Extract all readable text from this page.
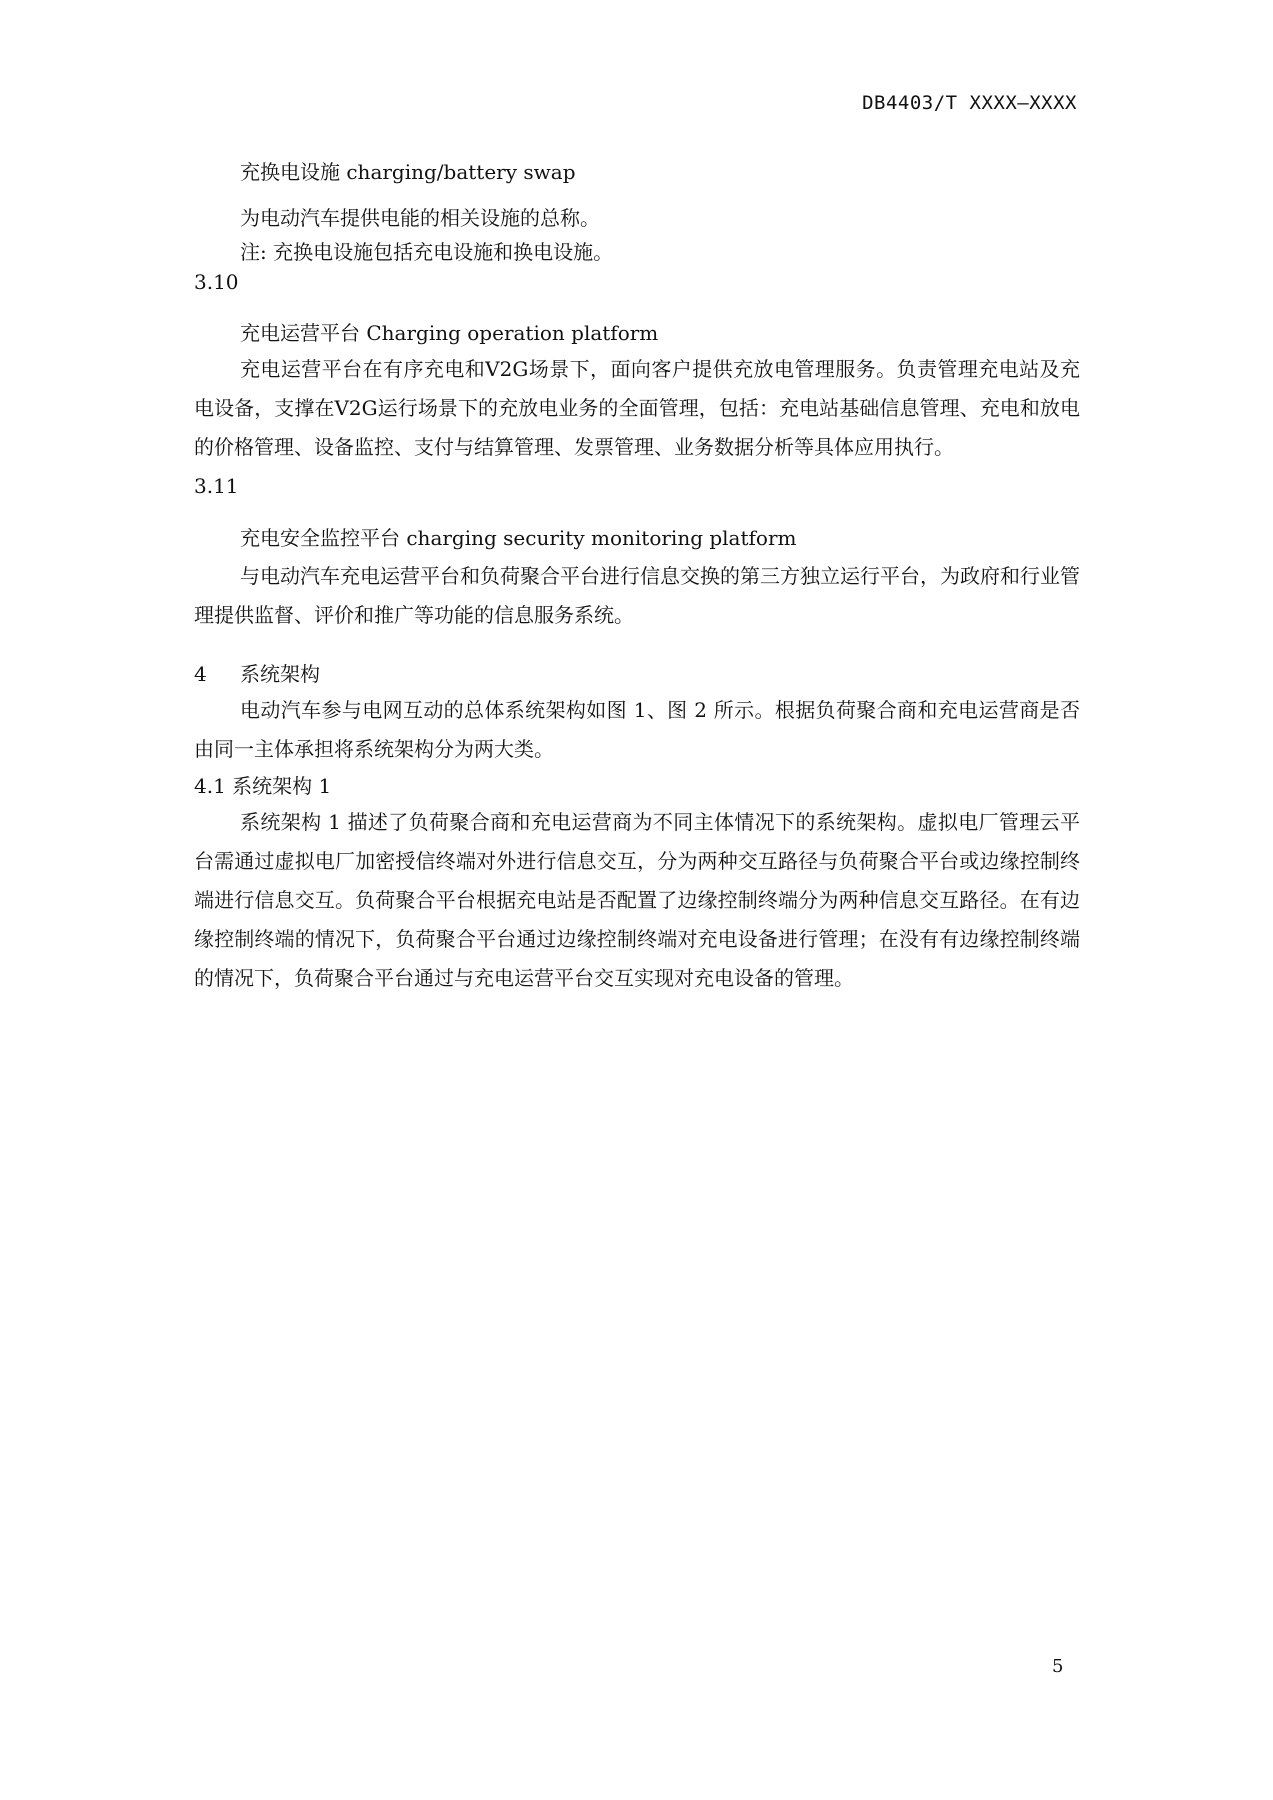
DB4403/T XXXX—XXXX
充换电设施 charging/battery swap
为电动汽车提供电能的相关设施的总称。
注: 充换电设施包括充电设施和换电设施。
3.10
充电运营平台 Charging operation platform
充电运营平台在有序充电和V2G场景下，面向客户提供充放电管理服务。负责管理充电站及充电设备，支撑在V2G运行场景下的充放电业务的全面管理，包括：充电站基础信息管理、充电和放电的价格管理、设备监控、支付与结算管理、发票管理、业务数据分析等具体应用执行。
3.11
充电安全监控平台 charging security monitoring platform
与电动汽车充电运营平台和负荷聚合平台进行信息交换的第三方独立运行平台，为政府和行业管理提供监督、评价和推广等功能的信息服务系统。
4 系统架构
电动汽车参与电网互动的总体系统架构如图 1、图 2 所示。根据负荷聚合商和充电运营商是否由同一主体承担将系统架构分为两大类。
4.1 系统架构 1
系统架构 1 描述了负荷聚合商和充电运营商为不同主体情况下的系统架构。虚拟电厂管理云平台需通过虚拟电厂加密授信终端对外进行信息交互，分为两种交互路径与负荷聚合平台或边缘控制终端进行信息交互。负荷聚合平台根据充电站是否配置了边缘控制终端分为两种信息交互路径。在有边缘控制终端的情况下，负荷聚合平台通过边缘控制终端对充电设备进行管理；在没有有边缘控制终端的情况下，负荷聚合平台通过与充电运营平台交互实现对充电设备的管理。
5
